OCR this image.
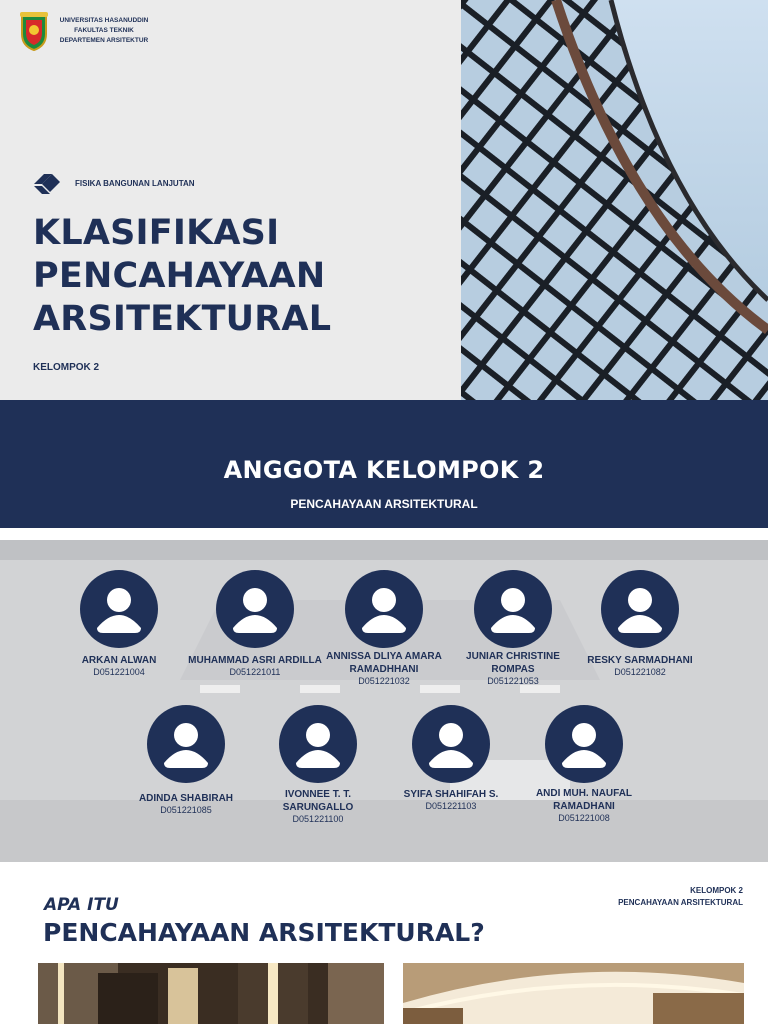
UNIVERSITAS HASANUDDIN
FAKULTAS TEKNIK
DEPARTEMEN ARSITEKTUR
FISIKA BANGUNAN LANJUTAN
KLASIFIKASI
PENCAHAYAAN
ARSITEKTURAL
KELOMPOK 2
ANGGOTA KELOMPOK 2
PENCAHAYAAN ARSITEKTURAL
ARKAN ALWAN
D051221004
MUHAMMAD ASRI ARDILLA
D051221011
ANNISSA DLIYA AMARA RAMADHHANI
D051221032
JUNIAR CHRISTINE ROMPAS
D051221053
RESKY SARMADHANI
D051221082
ADINDA SHABIRAH
D051221085
IVONNEE T. T. SARUNGALLO
D051221100
SYIFA SHAHIFAH S.
D051221103
ANDI MUH. NAUFAL RAMADHANI
D051221008
APA ITU
PENCAHAYAAN ARSITEKTURAL?
KELOMPOK 2
PENCAHAYAAN ARSITEKTURAL
